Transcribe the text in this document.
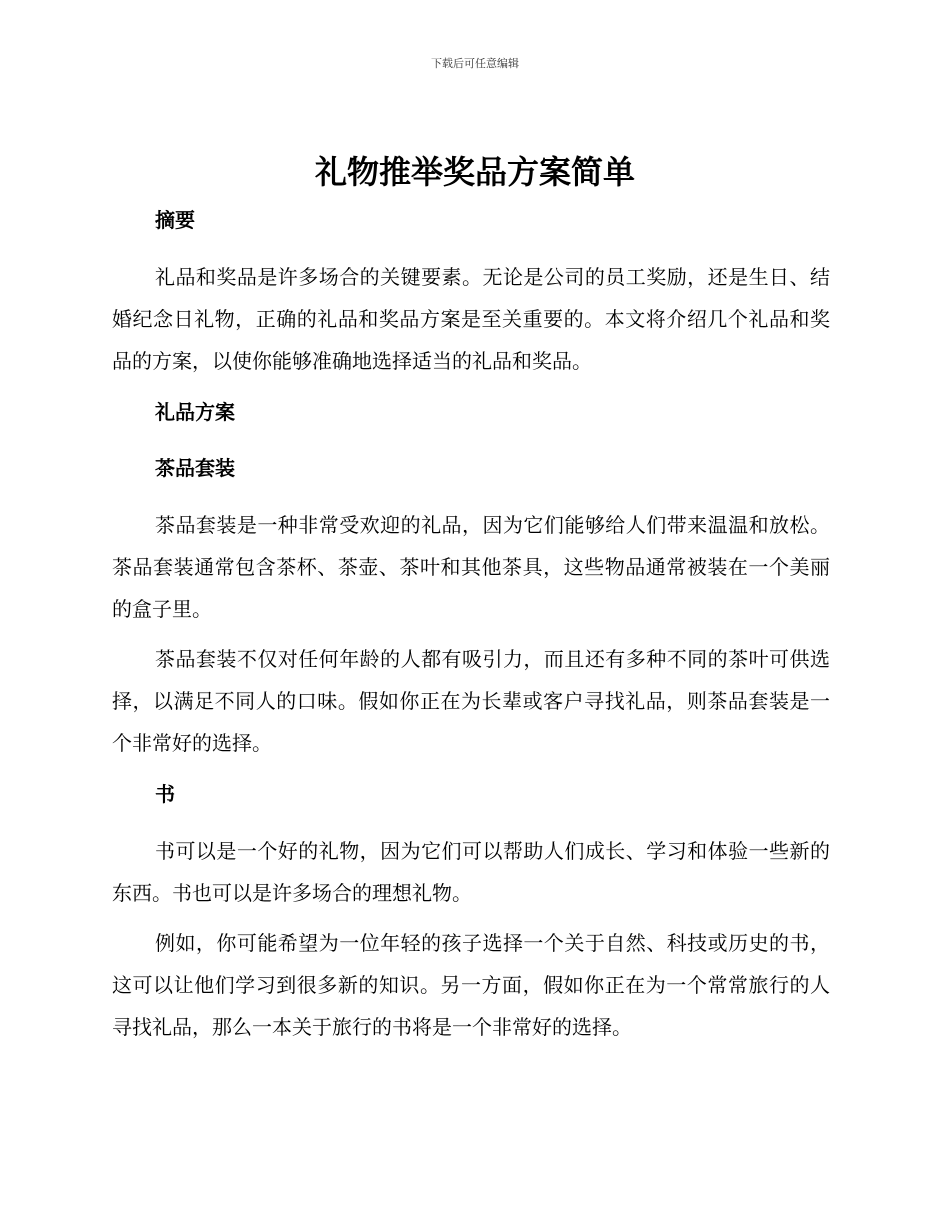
下载后可任意编辑
礼物推举奖品方案简单
摘要

礼品和奖品是许多场合的关键要素。无论是公司的员工奖励，还是生日、结婚纪念日礼物，正确的礼品和奖品方案是至关重要的。本文将介绍几个礼品和奖品的方案，以使你能够准确地选择适当的礼品和奖品。

礼品方案
茶品套装

茶品套装是一种非常受欢迎的礼品，因为它们能够给人们带来温温和放松。茶品套装通常包含茶杯、茶壶、茶叶和其他茶具，这些物品通常被装在一个美丽的盒子里。

茶品套装不仅对任何年龄的人都有吸引力，而且还有多种不同的茶叶可供选择，以满足不同人的口味。假如你正在为长辈或客户寻找礼品，则茶品套装是一个非常好的选择。

书

书可以是一个好的礼物，因为它们可以帮助人们成长、学习和体验一些新的东西。书也可以是许多场合的理想礼物。

例如，你可能希望为一位年轻的孩子选择一个关于自然、科技或历史的书，这可以让他们学习到很多新的知识。另一方面，假如你正在为一个常常旅行的人寻找礼品，那么一本关于旅行的书将是一个非常好的选择。
